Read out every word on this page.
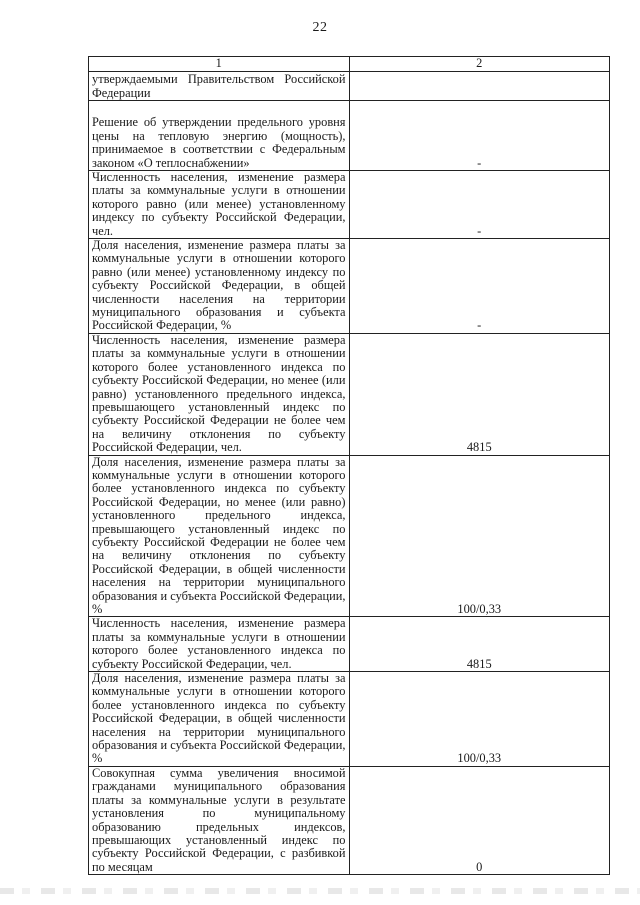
22
1	2
утверждаемыми Правительством Российской Федерации	
Решение об утверждении предельного уровня цены на тепловую энергию (мощность), принимаемое в соответствии с Федеральным законом «О теплоснабжении»	-
Численность населения, изменение размера платы за коммунальные услуги в отношении которого равно (или менее) установленному индексу по субъекту Российской Федерации, чел.	-
Доля населения, изменение размера платы за коммунальные услуги в отношении которого равно (или менее) установленному индексу по субъекту Российской Федерации, в общей численности населения на территории муниципального образования и субъекта Российской Федерации, %	-
Численность населения, изменение размера платы за коммунальные услуги в отношении которого более установленного индекса по субъекту Российской Федерации, но менее (или равно) установленного предельного индекса, превышающего установленный индекс по субъекту Российской Федерации не более чем на величину отклонения по субъекту Российской Федерации, чел.	4815
Доля населения, изменение размера платы за коммунальные услуги в отношении которого более установленного индекса по субъекту Российской Федерации, но менее (или равно) установленного предельного индекса, превышающего установленный индекс по субъекту Российской Федерации не более чем на величину отклонения по субъекту Российской Федерации, в общей численности населения на территории муниципального образования и субъекта Российской Федерации, %	100/0,33
Численность населения, изменение размера платы за коммунальные услуги в отношении которого более установленного индекса по субъекту Российской Федерации, чел.	4815
Доля населения, изменение размера платы за коммунальные услуги в отношении которого более установленного индекса по субъекту Российской Федерации, в общей численности населения на территории муниципального образования и субъекта Российской Федерации, %	100/0,33
Совокупная сумма увеличения вносимой гражданами муниципального образования платы за коммунальные услуги в результате установления по муниципальному образованию предельных индексов, превышающих установленный индекс по субъекту Российской Федерации, с разбивкой по месяцам	0
